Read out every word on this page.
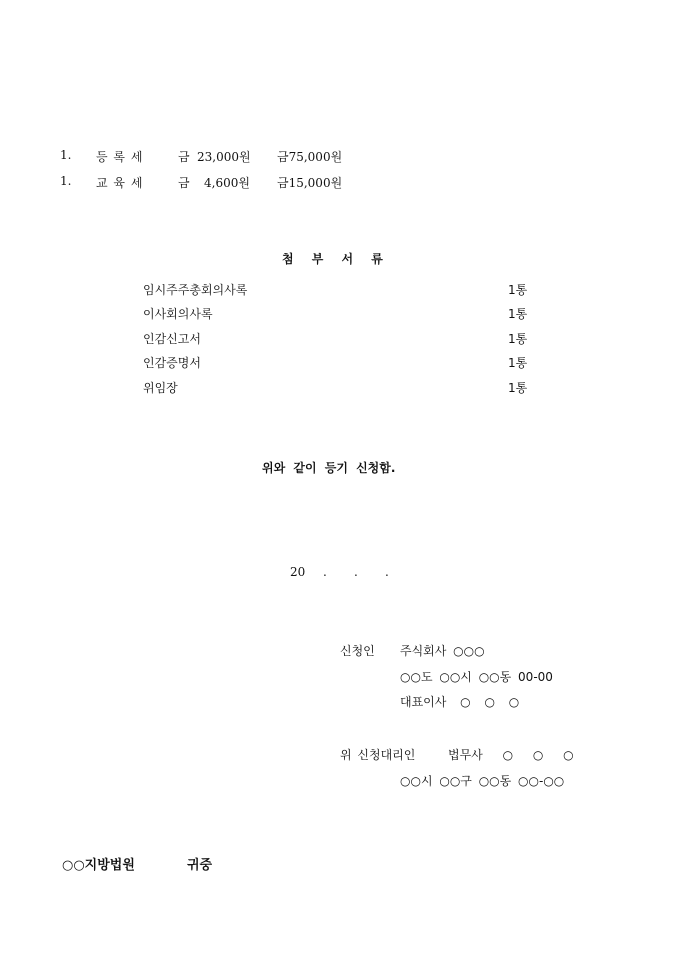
1. 등 록 세	금 23,000원 금75,000원
1. 교 육 세	금 4,600원 금15,000원
첨 부 서 류
임시주주총회의사록	1통
이사회의사록	1통
인감신고서	1통
인감증명서	1통
위임장	1통
위와 같이 등기 신청함.
20 . . .
신청인 주식회사 ○○○
○○도 ○○시 ○○동 00-00
대표이사 ○ ○ ○
위 신청대리인	법무사 ○ ○ ○
○○시 ○○구 ○○동 ○○-○○
○○지방법원	귀중
